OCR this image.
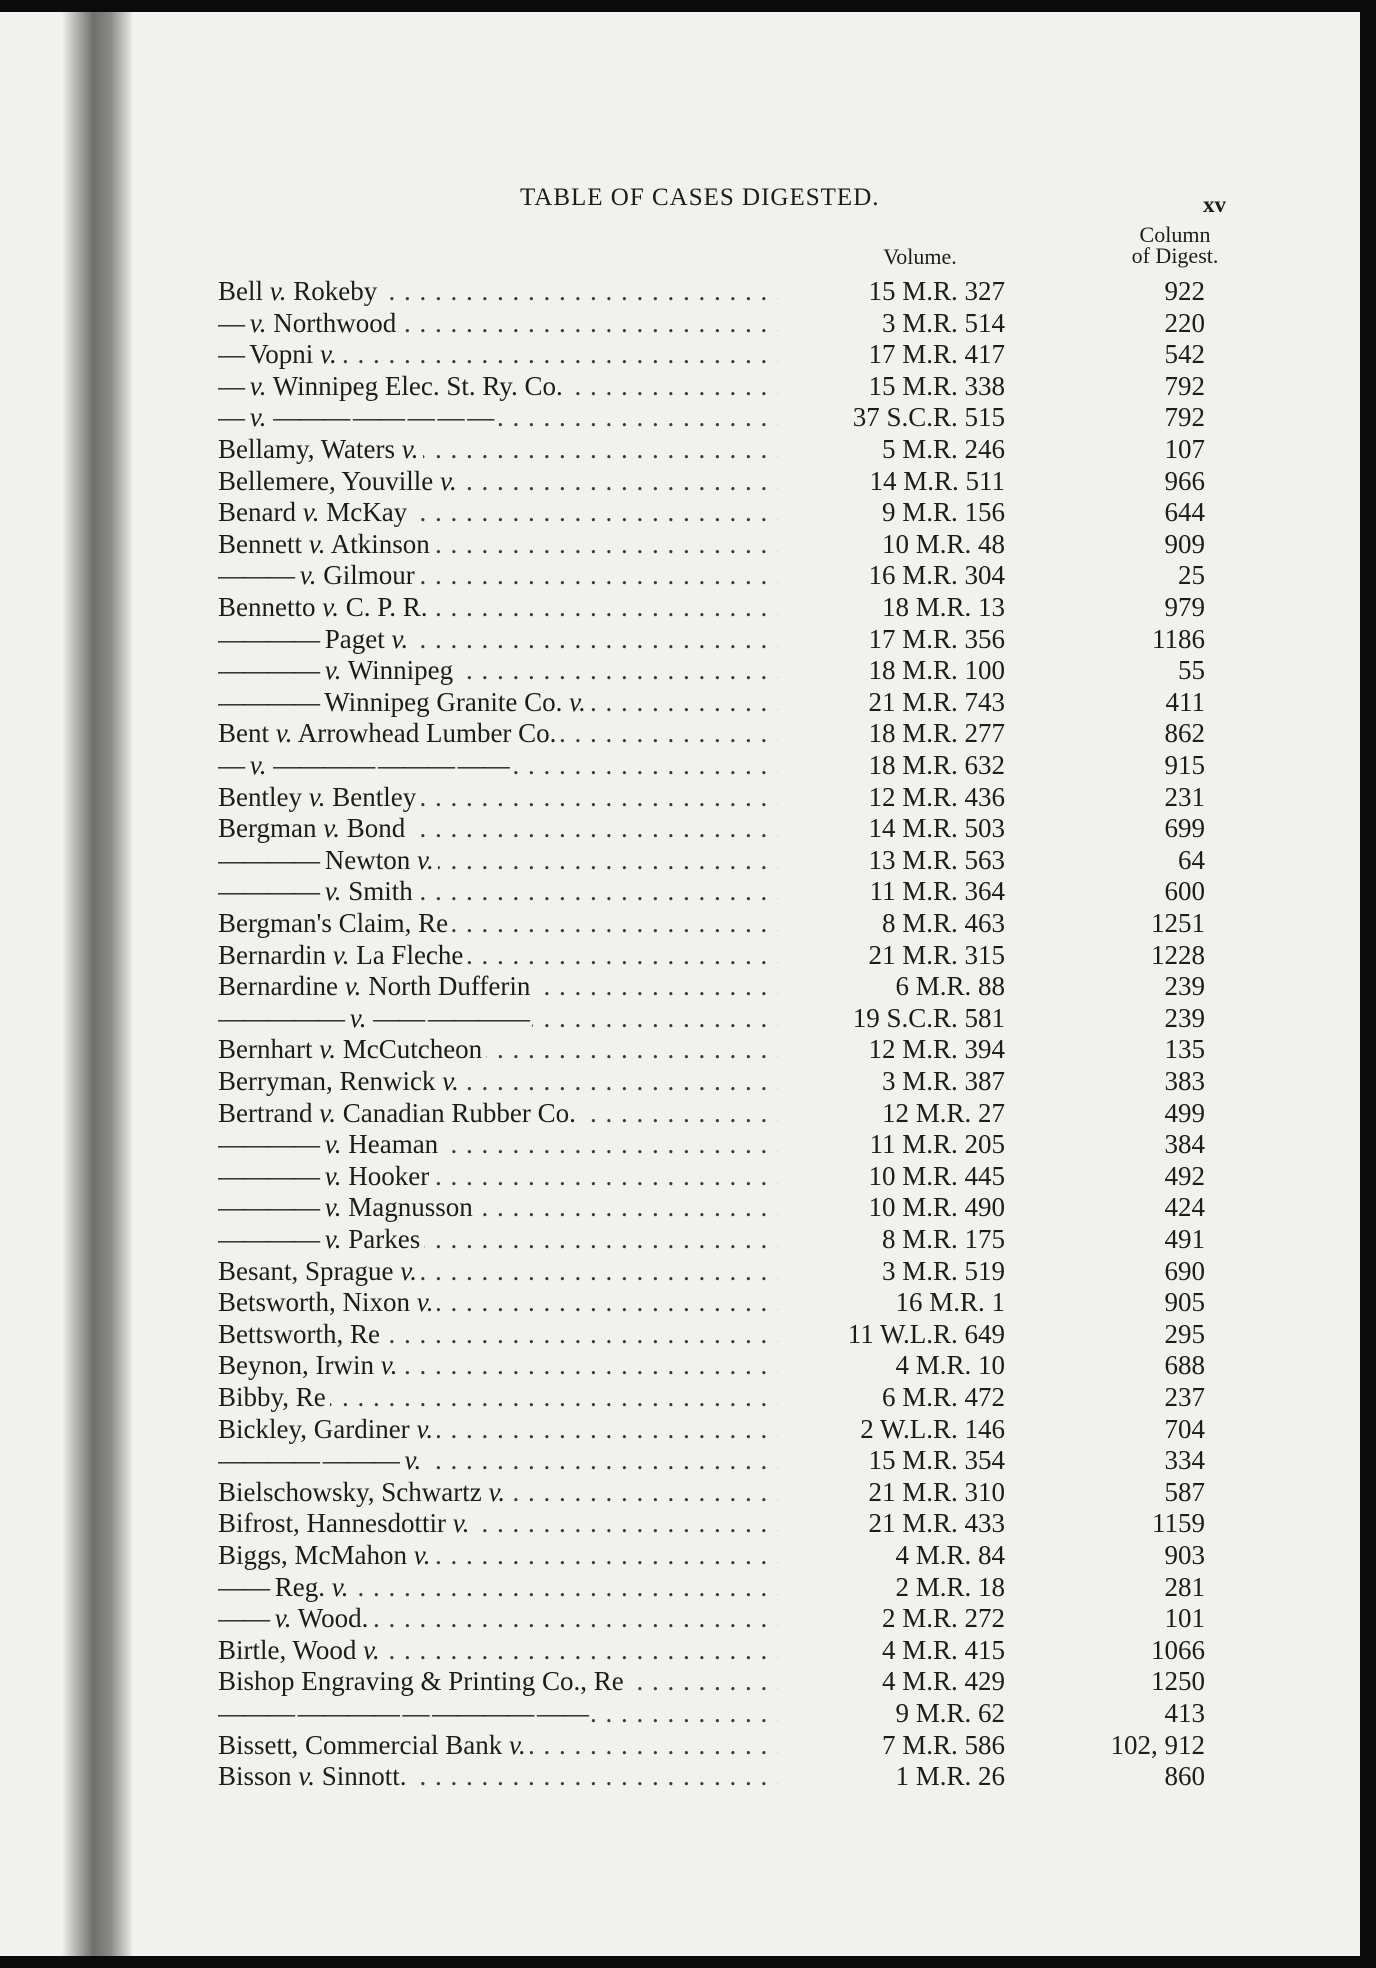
TABLE OF CASES DIGESTED.	xv
Column
of Digest.
Volume.
Bell v. Rokeby . . .	15 M.R. 327	922
— v. Northwood . . .	3 M.R. 514	220
— Vopni v. . . .	17 M.R. 417	542
— v. Winnipeg Elec. St. Ry. Co. . . .	15 M.R. 338	792
— v. ——— —— — — — . . .	37 S.C.R. 515	792
Bellamy, Waters v. . . .	5 M.R. 246	107
Bellemere, Youville v. . . .	14 M.R. 511	966
Benard v. McKay . . .	9 M.R. 156	644
Bennett v. Atkinson . . .	10 M.R. 48	909
——— v. Gilmour . . .	16 M.R. 304	25
Bennetto v. C. P. R. . . .	18 M.R. 13	979
———— Paget v. . . .	17 M.R. 356	1186
———— v. Winnipeg . . .	18 M.R. 100	55
———— Winnipeg Granite Co. v. . . .	21 M.R. 743	411
Bent v. Arrowhead Lumber Co. . . .	18 M.R. 277	862
— v. ———— ——— —— . . .	18 M.R. 632	915
Bentley v. Bentley . . .	12 M.R. 436	231
Bergman v. Bond . . .	14 M.R. 503	699
———— Newton v. . . .	13 M.R. 563	64
———— v. Smith . . .	11 M.R. 364	600
Bergman's Claim, Re . . .	8 M.R. 463	1251
Bernardin v. La Fleche . . .	21 M.R. 315	1228
Bernardine v. North Dufferin . . .	6 M.R. 88	239
————— v. —— ———— . . .	19 S.C.R. 581	239
Bernhart v. McCutcheon . . .	12 M.R. 394	135
Berryman, Renwick v. . . .	3 M.R. 387	383
Bertrand v. Canadian Rubber Co. . . .	12 M.R. 27	499
———— v. Heaman . . .	11 M.R. 205	384
———— v. Hooker . . .	10 M.R. 445	492
———— v. Magnusson . . .	10 M.R. 490	424
———— v. Parkes . . .	8 M.R. 175	491
Besant, Sprague v. . . .	3 M.R. 519	690
Betsworth, Nixon v. . . .	16 M.R. 1	905
Bettsworth, Re . . .	11 W.L.R. 649	295
Beynon, Irwin v. . . .	4 M.R. 10	688
Bibby, Re . . .	6 M.R. 472	237
Bickley, Gardiner v. . . .	2 W.L.R. 146	704
———— ——— v. . . .	15 M.R. 354	334
Bielschowsky, Schwartz v. . . .	21 M.R. 310	587
Bifrost, Hannesdottir v. . . .	21 M.R. 433	1159
Biggs, McMahon v. . . .	4 M.R. 84	903
—— Reg. v. . . .	2 M.R. 18	281
—— v. Wood. . . .	2 M.R. 272	101
Birtle, Wood v. . . .	4 M.R. 415	1066
Bishop Engraving & Printing Co., Re . . .	4 M.R. 429	1250
——— ———— — ———— —— . . .	9 M.R. 62	413
Bissett, Commercial Bank v. . . .	7 M.R. 586	102, 912
Bisson v. Sinnott. . . .	1 M.R. 26	860
